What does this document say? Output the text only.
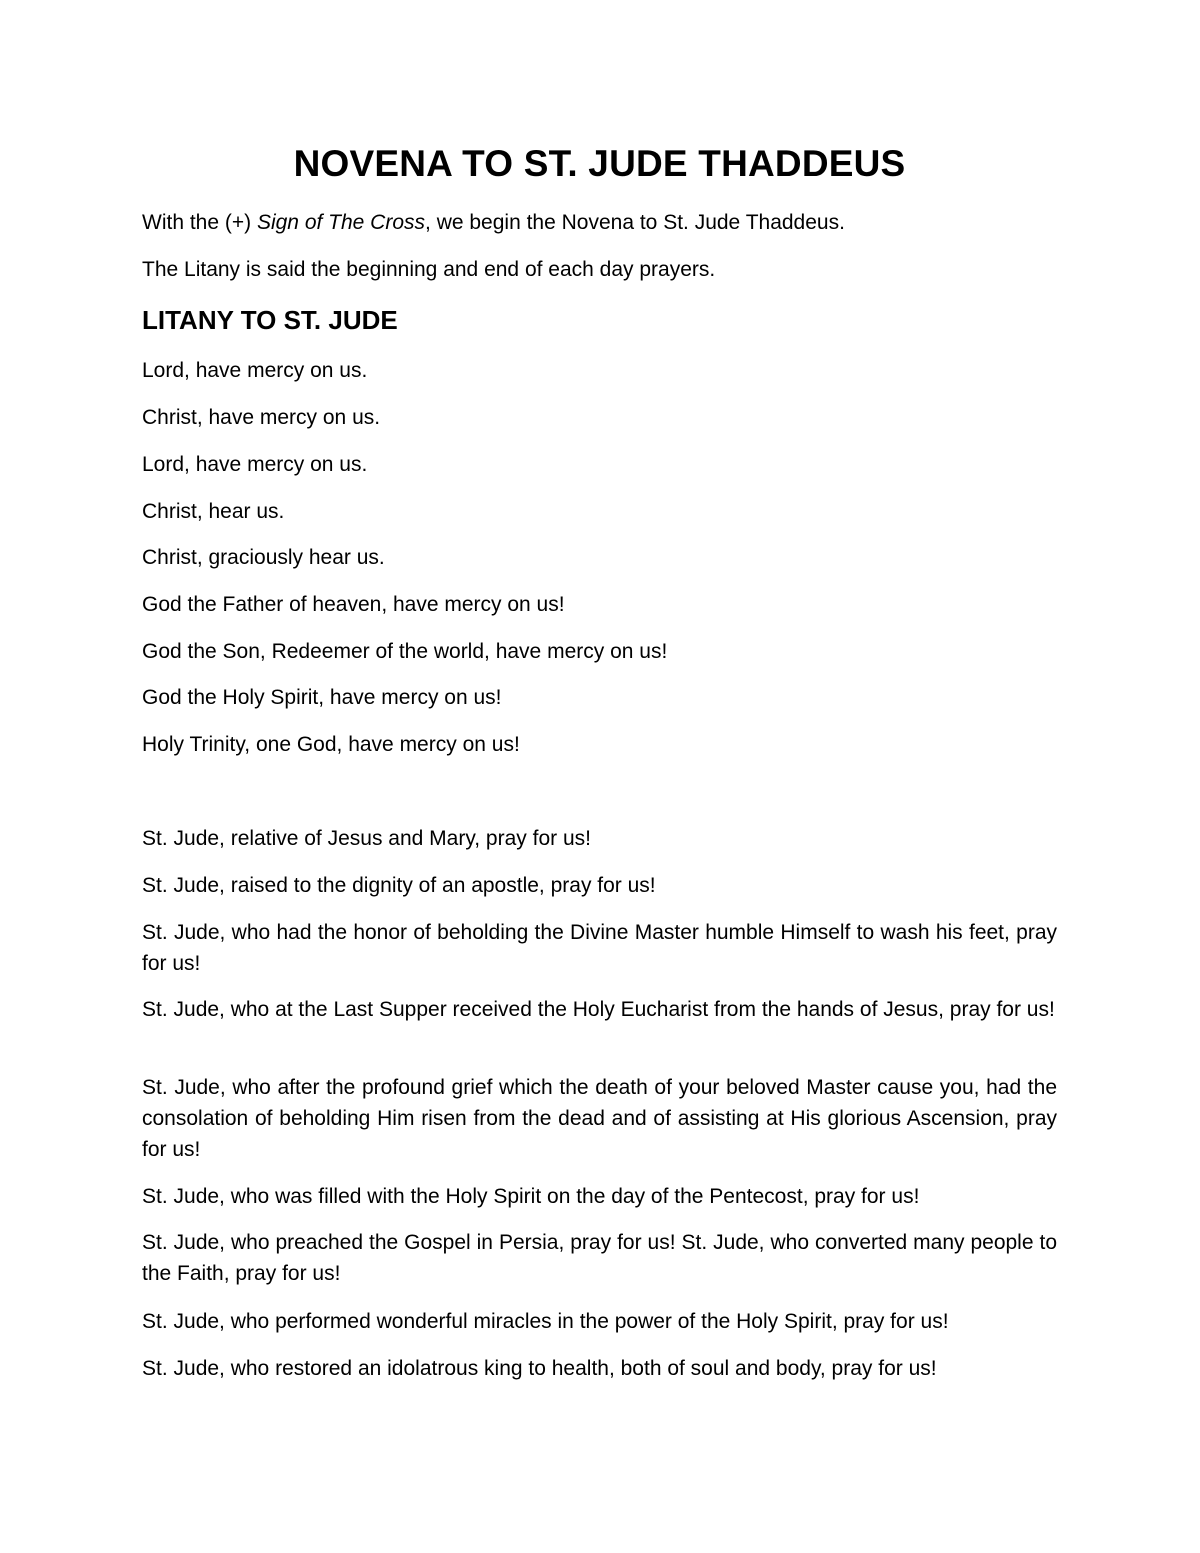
NOVENA TO ST. JUDE THADDEUS

With the (+) Sign of The Cross, we begin the Novena to St. Jude Thaddeus.

The Litany is said the beginning and end of each day prayers.

LITANY TO ST. JUDE

Lord, have mercy on us.

Christ, have mercy on us.

Lord, have mercy on us.

Christ, hear us.

Christ, graciously hear us.

God the Father of heaven, have mercy on us!

God the Son, Redeemer of the world, have mercy on us!

God the Holy Spirit, have mercy on us!

Holy Trinity, one God, have mercy on us!

St. Jude, relative of Jesus and Mary, pray for us!

St. Jude, raised to the dignity of an apostle, pray for us!

St. Jude, who had the honor of beholding the Divine Master humble Himself to wash his feet, pray for us!

St. Jude, who at the Last Supper received the Holy Eucharist from the hands of Jesus, pray for us!

St. Jude, who after the profound grief which the death of your beloved Master cause you, had the consolation of beholding Him risen from the dead and of assisting at His glorious Ascension, pray for us!

St. Jude, who was filled with the Holy Spirit on the day of the Pentecost, pray for us!

St. Jude, who preached the Gospel in Persia, pray for us! St. Jude, who converted many people to the Faith, pray for us!

St. Jude, who performed wonderful miracles in the power of the Holy Spirit, pray for us!

St. Jude, who restored an idolatrous king to health, both of soul and body, pray for us!
